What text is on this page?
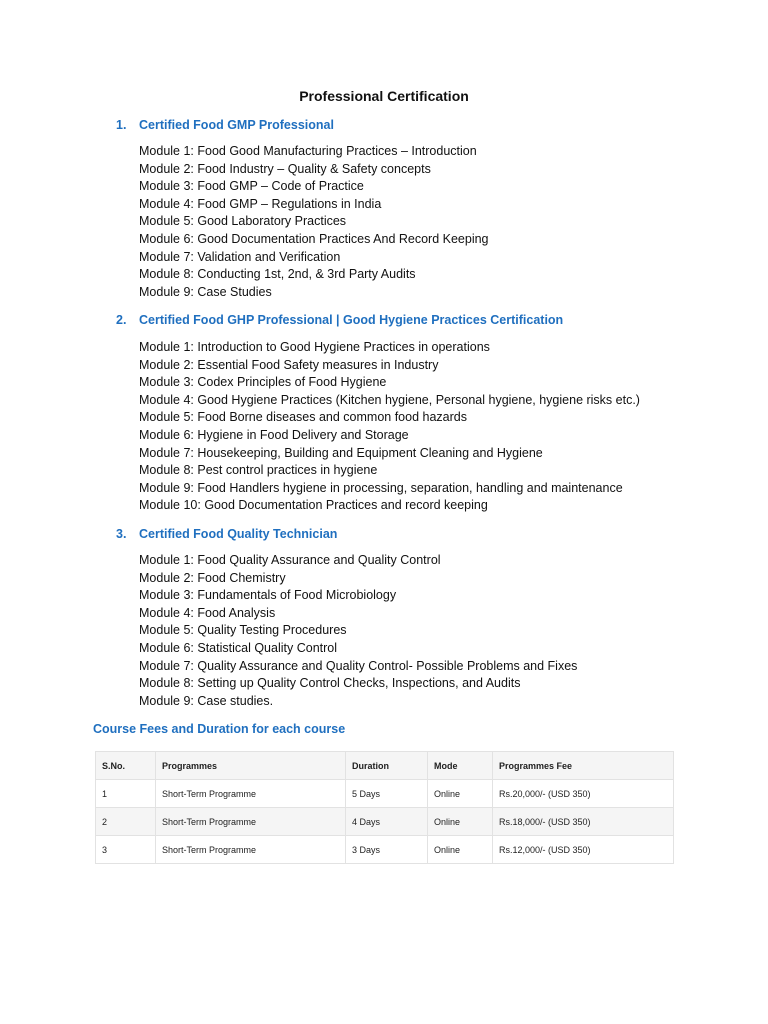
Professional Certification
1. Certified Food GMP Professional
Module 1: Food Good Manufacturing Practices – Introduction
Module 2: Food Industry – Quality & Safety concepts
Module 3: Food GMP – Code of Practice
Module 4: Food GMP – Regulations in India
Module 5: Good Laboratory Practices
Module 6: Good Documentation Practices And Record Keeping
Module 7: Validation and Verification
Module 8: Conducting 1st, 2nd, & 3rd Party Audits
Module 9: Case Studies
2. Certified Food GHP Professional | Good Hygiene Practices Certification
Module 1: Introduction to Good Hygiene Practices in operations
Module 2: Essential Food Safety measures in Industry
Module 3: Codex Principles of Food Hygiene
Module 4: Good Hygiene Practices (Kitchen hygiene, Personal hygiene, hygiene risks etc.)
Module 5: Food Borne diseases and common food hazards
Module 6: Hygiene in Food Delivery and Storage
Module 7: Housekeeping, Building and Equipment Cleaning and Hygiene
Module 8: Pest control practices in hygiene
Module 9: Food Handlers hygiene in processing, separation, handling and maintenance
Module 10: Good Documentation Practices and record keeping
3. Certified Food Quality Technician
Module 1: Food Quality Assurance and Quality Control
Module 2: Food Chemistry
Module 3: Fundamentals of Food Microbiology
Module 4: Food Analysis
Module 5: Quality Testing Procedures
Module 6: Statistical Quality Control
Module 7: Quality Assurance and Quality Control- Possible Problems and Fixes
Module 8: Setting up Quality Control Checks, Inspections, and Audits
Module 9: Case studies.
Course Fees and Duration for each course
S.No.	Programmes	Duration	Mode	Programmes Fee
1	Short-Term Programme	5 Days	Online	Rs.20,000/- (USD 350)
2	Short-Term Programme	4 Days	Online	Rs.18,000/- (USD 350)
3	Short-Term Programme	3 Days	Online	Rs.12,000/- (USD 350)
